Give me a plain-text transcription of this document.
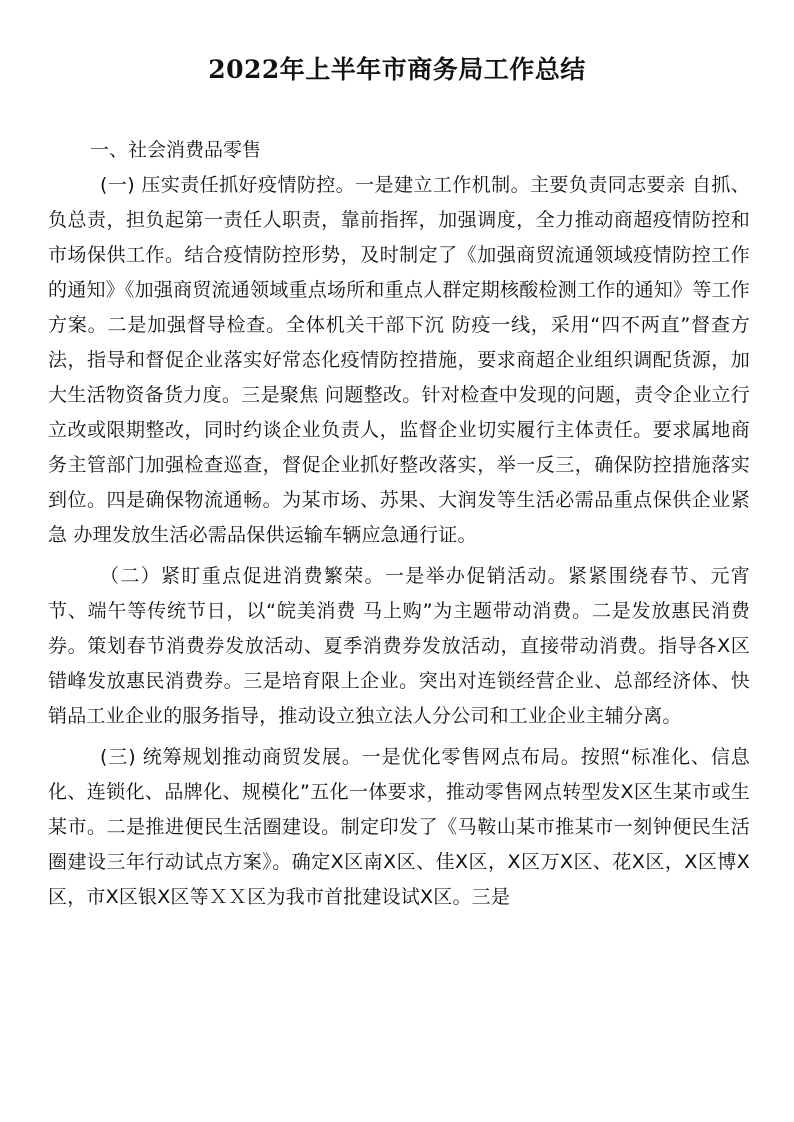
2022年上半年市商务局工作总结

一、社会消费品零售

(一) 压实责任抓好疫情防控。一是建立工作机制。主要负责同志要亲 自抓、负总责，担负起第一责任人职责，靠前指挥，加强调度，全力推动商超疫情防控和市场保供工作。结合疫情防控形势，及时制定了《加强商贸流通领域疫情防控工作的通知》《加强商贸流通领域重点场所和重点人群定期核酸检测工作的通知》等工作方案。二是加强督导检查。全体机关干部下沉 防疫一线，采用“四不两直”督查方法，指导和督促企业落实好常态化疫情防控措施，要求商超企业组织调配货源，加大生活物资备货力度。三是聚焦 问题整改。针对检查中发现的问题，责令企业立行立改或限期整改，同时约谈企业负责人，监督企业切实履行主体责任。要求属地商务主管部门加强检查巡查，督促企业抓好整改落实，举一反三，确保防控措施落实到位。四是确保物流通畅。为某市场、苏果、大润发等生活必需品重点保供企业紧急 办理发放生活必需品保供运输车辆应急通行证。

（二）紧盯重点促进消费繁荣。一是举办促销活动。紧紧围绕春节、元宵节、端午等传统节日，以“皖美消费 马上购”为主题带动消费。二是发放惠民消费券。策划春节消费券发放活动、夏季消费券发放活动，直接带动消费。指导各X区错峰发放惠民消费券。三是培育限上企业。突出对连锁经营企业、总部经济体、快销品工业企业的服务指导，推动设立独立法人分公司和工业企业主辅分离。

(三) 统筹规划推动商贸发展。一是优化零售网点布局。按照“标准化、信息化、连锁化、品牌化、规模化”五化一体要求，推动零售网点转型发X区生某市或生某市。二是推进便民生活圈建设。制定印发了《马鞍山某市推某市一刻钟便民生活圈建设三年行动试点方案》。确定X区南X区、佳X区，X区万X区、花X区，X区博X区，市X区银X区等ＸＸ区为我市首批建设试X区。三是
